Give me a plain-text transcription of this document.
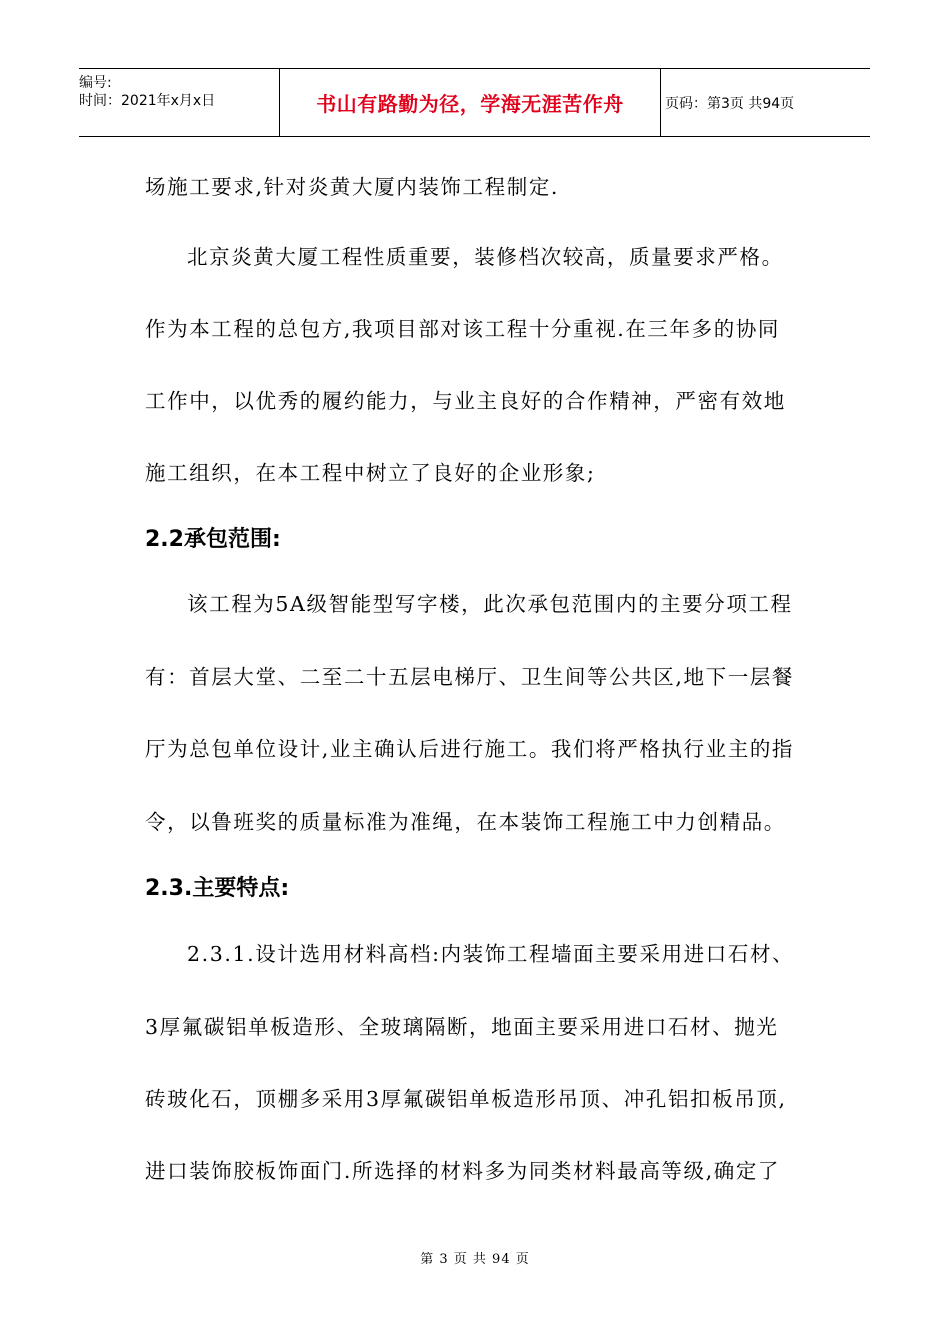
编号:
时间：2021年x月x日	书山有路勤为径，学海无涯苦作舟	页码：第3页 共94页
场施工要求,针对炎黄大厦内装饰工程制定.
北京炎黄大厦工程性质重要，装修档次较高，质量要求严格。
作为本工程的总包方,我项目部对该工程十分重视.在三年多的协同
工作中，以优秀的履约能力，与业主良好的合作精神，严密有效地
施工组织，在本工程中树立了良好的企业形象;
2.2承包范围:
该工程为5A级智能型写字楼，此次承包范围内的主要分项工程
有：首层大堂、二至二十五层电梯厅、卫生间等公共区,地下一层餐
厅为总包单位设计,业主确认后进行施工。我们将严格执行业主的指
令，以鲁班奖的质量标准为准绳，在本装饰工程施工中力创精品。
2.3.主要特点:
2.3.1.设计选用材料高档:内装饰工程墙面主要采用进口石材、
3厚氟碳铝单板造形、全玻璃隔断，地面主要采用进口石材、抛光
砖玻化石，顶棚多采用3厚氟碳铝单板造形吊顶、冲孔铝扣板吊顶,
进口装饰胶板饰面门.所选择的材料多为同类材料最高等级,确定了
第 3 页 共 94 页
